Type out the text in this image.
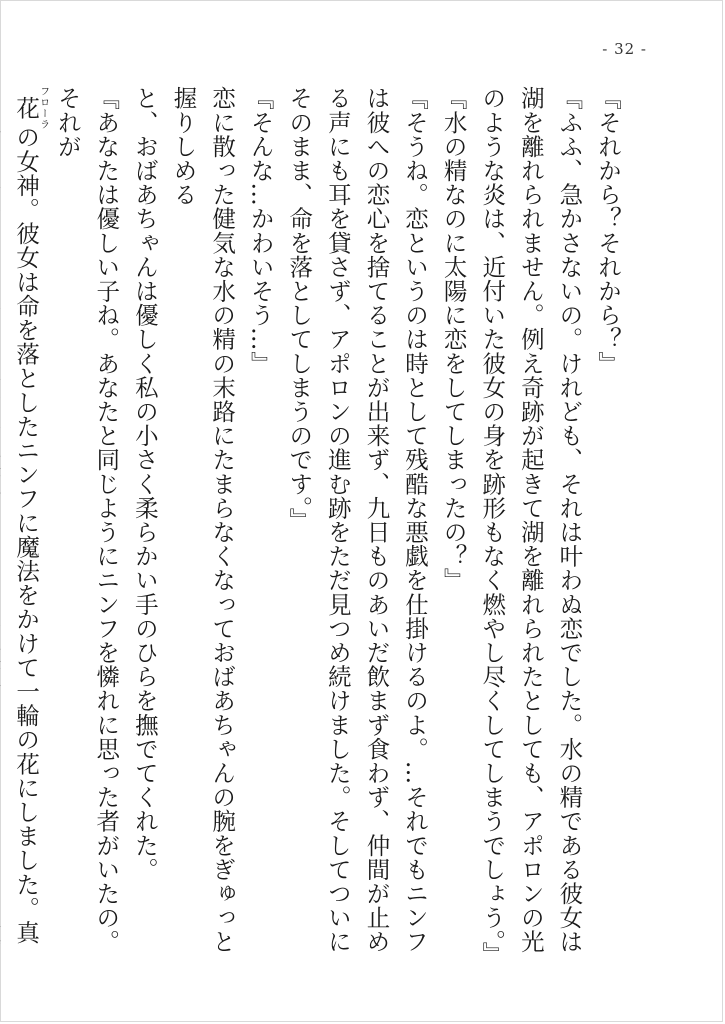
- 32 -

『それから？それから？』

『ふふ、急かさないの。けれども、それは叶わぬ恋でした。水の精である彼女は湖を離れられません。例え奇跡が起きて湖を離れられたとしても、アポロンの光のような炎は、近付いた彼女の身を跡形もなく燃やし尽くしてしまうでしょう。』

『水の精なのに太陽に恋をしてしまったの？』

『そうね。恋というのは時として残酷な悪戯を仕掛けるのよ。…それでもニンフは彼への恋心を捨てることが出来ず、九日ものあいだ飲まず食わず、仲間が止める声にも耳を貸さず、アポロンの進む跡をただ見つめ続けました。そしてついにそのまま、命を落としてしまうのです。』

『そんな…かわいそう…』

恋に散った健気な水の精の末路にたまらなくなっておばあちゃんの腕をぎゅっと握りしめる

と、おばあちゃんは優しく私の小さく柔らかい手のひらを撫でてくれた。

『あなたは優しい子ね。あなたと同じようにニンフを憐れに思った者がいたの。それが

花フローラの女神。彼女は命を落としたニンフに魔法をかけて一輪の花にしました。真
